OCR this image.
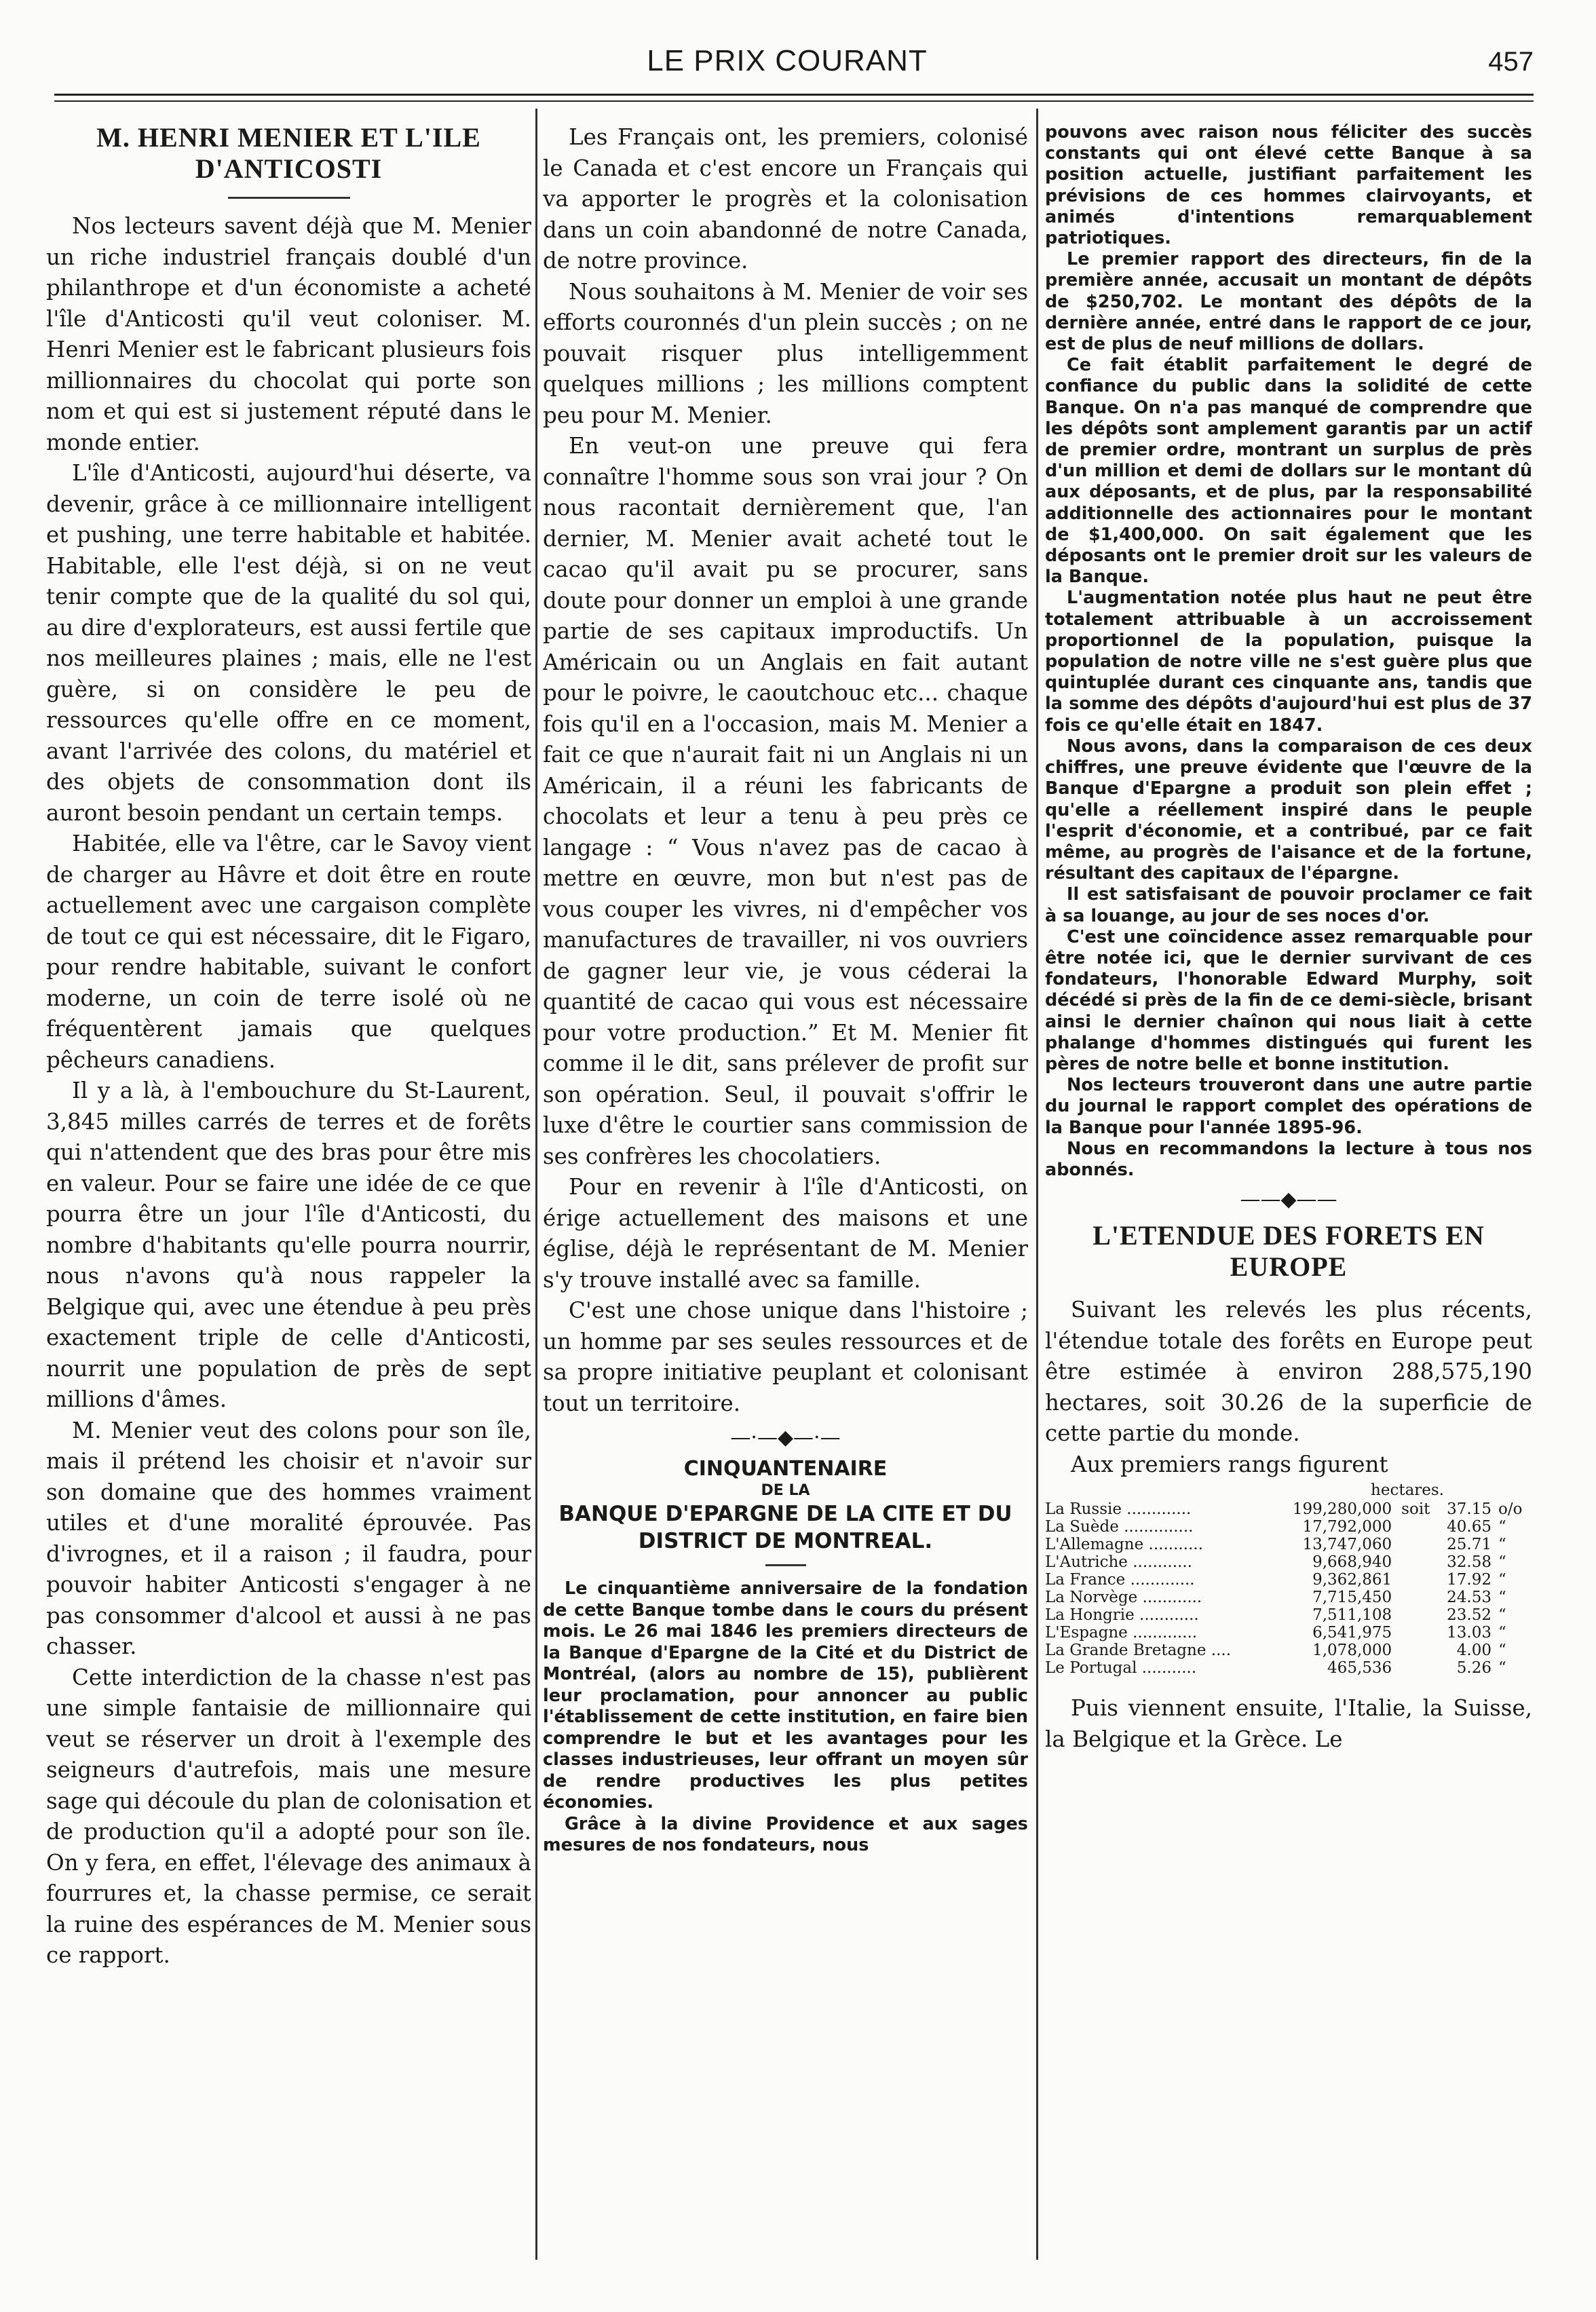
LE PRIX COURANT	457
M. HENRI MENIER ET L'ILE
D'ANTICOSTI

Nos lecteurs savent déjà que M. Menier un riche industriel français doublé d'un philanthrope et d'un économiste a acheté l'île d'Anticosti qu'il veut coloniser. M. Henri Menier est le fabricant plusieurs fois millionnaires du chocolat qui porte son nom et qui est si justement réputé dans le monde entier.

L'île d'Anticosti, aujourd'hui déserte, va devenir, grâce à ce millionnaire intelligent et pushing, une terre habitable et habitée. Habitable, elle l'est déjà, si on ne veut tenir compte que de la qualité du sol qui, au dire d'explorateurs, est aussi fertile que nos meilleures plaines ; mais, elle ne l'est guère, si on considère le peu de ressources qu'elle offre en ce moment, avant l'arrivée des colons, du matériel et des objets de consommation dont ils auront besoin pendant un certain temps.

Habitée, elle va l'être, car le Savoy vient de charger au Hâvre et doit être en route actuellement avec une cargaison complète de tout ce qui est nécessaire, dit le Figaro, pour rendre habitable, suivant le confort moderne, un coin de terre isolé où ne fréquentèrent jamais que quelques pêcheurs canadiens.

Il y a là, à l'embouchure du St-Laurent, 3,845 milles carrés de terres et de forêts qui n'attendent que des bras pour être mis en valeur. Pour se faire une idée de ce que pourra être un jour l'île d'Anticosti, du nombre d'habitants qu'elle pourra nourrir, nous n'avons qu'à nous rappeler la Belgique qui, avec une étendue à peu près exactement triple de celle d'Anticosti, nourrit une population de près de sept millions d'âmes.

M. Menier veut des colons pour son île, mais il prétend les choisir et n'avoir sur son domaine que des hommes vraiment utiles et d'une moralité éprouvée. Pas d'ivrognes, et il a raison ; il faudra, pour pouvoir habiter Anticosti s'engager à ne pas consommer d'alcool et aussi à ne pas chasser.

Cette interdiction de la chasse n'est pas une simple fantaisie de millionnaire qui veut se réserver un droit à l'exemple des seigneurs d'autrefois, mais une mesure sage qui découle du plan de colonisation et de production qu'il a adopté pour son île. On y fera, en effet, l'élevage des animaux à fourrures et, la chasse permise, ce serait la ruine des espérances de M. Menier sous ce rapport.

Les Français ont, les premiers, colonisé le Canada et c'est encore un Français qui va apporter le progrès et la colonisation dans un coin abandonné de notre Canada, de notre province.

Nous souhaitons à M. Menier de voir ses efforts couronnés d'un plein succès ; on ne pouvait risquer plus intelligemment quelques millions ; les millions comptent peu pour M. Menier.

En veut-on une preuve qui fera connaître l'homme sous son vrai jour ? On nous racontait dernièrement que, l'an dernier, M. Menier avait acheté tout le cacao qu'il avait pu se procurer, sans doute pour donner un emploi à une grande partie de ses capitaux improductifs. Un Américain ou un Anglais en fait autant pour le poivre, le caoutchouc etc... chaque fois qu'il en a l'occasion, mais M. Menier a fait ce que n'aurait fait ni un Anglais ni un Américain, il a réuni les fabricants de chocolats et leur a tenu à peu près ce langage : “ Vous n'avez pas de cacao à mettre en œuvre, mon but n'est pas de vous couper les vivres, ni d'empêcher vos manufactures de travailler, ni vos ouvriers de gagner leur vie, je vous céderai la quantité de cacao qui vous est nécessaire pour votre production.” Et M. Menier fit comme il le dit, sans prélever de profit sur son opération. Seul, il pouvait s'offrir le luxe d'être le courtier sans commission de ses confrères les chocolatiers.

Pour en revenir à l'île d'Anticosti, on érige actuellement des maisons et une église, déjà le représentant de M. Menier s'y trouve installé avec sa famille.

C'est une chose unique dans l'histoire ; un homme par ses seules ressources et de sa propre initiative peuplant et colonisant tout un territoire.

—·—◆—·—
CINQUANTENAIRE
DE LA
BANQUE D'EPARGNE DE LA CITE ET DU DISTRICT DE MONTREAL.

Le cinquantième anniversaire de la fondation de cette Banque tombe dans le cours du présent mois. Le 26 mai 1846 les premiers directeurs de la Banque d'Epargne de la Cité et du District de Montréal, (alors au nombre de 15), publièrent leur proclamation, pour annoncer au public l'établissement de cette institution, en faire bien comprendre le but et les avantages pour les classes industrieuses, leur offrant un moyen sûr de rendre productives les plus petites économies.

Grâce à la divine Providence et aux sages mesures de nos fondateurs, nous

pouvons avec raison nous féliciter des succès constants qui ont élevé cette Banque à sa position actuelle, justifiant parfaitement les prévisions de ces hommes clairvoyants, et animés d'intentions remarquablement patriotiques.

Le premier rapport des directeurs, fin de la première année, accusait un montant de dépôts de $250,702. Le montant des dépôts de la dernière année, entré dans le rapport de ce jour, est de plus de neuf millions de dollars.

Ce fait établit parfaitement le degré de confiance du public dans la solidité de cette Banque. On n'a pas manqué de comprendre que les dépôts sont amplement garantis par un actif de premier ordre, montrant un surplus de près d'un million et demi de dollars sur le montant dû aux déposants, et de plus, par la responsabilité additionnelle des actionnaires pour le montant de $1,400,000. On sait également que les déposants ont le premier droit sur les valeurs de la Banque.

L'augmentation notée plus haut ne peut être totalement attribuable à un accroissement proportionnel de la population, puisque la population de notre ville ne s'est guère plus que quintuplée durant ces cinquante ans, tandis que la somme des dépôts d'aujourd'hui est plus de 37 fois ce qu'elle était en 1847.

Nous avons, dans la comparaison de ces deux chiffres, une preuve évidente que l'œuvre de la Banque d'Epargne a produit son plein effet ; qu'elle a réellement inspiré dans le peuple l'esprit d'économie, et a contribué, par ce fait même, au progrès de l'aisance et de la fortune, résultant des capitaux de l'épargne.

Il est satisfaisant de pouvoir proclamer ce fait à sa louange, au jour de ses noces d'or.

C'est une coïncidence assez remarquable pour être notée ici, que le dernier survivant de ces fondateurs, l'honorable Edward Murphy, soit décédé si près de la fin de ce demi-siècle, brisant ainsi le dernier chaînon qui nous liait à cette phalange d'hommes distingués qui furent les pères de notre belle et bonne institution.

Nos lecteurs trouveront dans une autre partie du journal le rapport complet des opérations de la Banque pour l'année 1895-96.

Nous en recommandons la lecture à tous nos abonnés.

——◆——
L'ETENDUE DES FORETS EN
EUROPE

Suivant les relevés les plus récents, l'étendue totale des forêts en Europe peut être estimée à environ 288,575,190 hectares, soit 30.26 de la superficie de cette partie du monde.

Aux premiers rangs figurent

hectares.
La Russie .............	199,280,000	soit	37.15	o/o
La Suède ..............	17,792,000		40.65	“
L'Allemagne ...........	13,747,060		25.71	“
L'Autriche ............	9,668,940		32.58	“
La France .............	9,362,861		17.92	“
La Norvège ............	7,715,450		24.53	“
La Hongrie ............	7,511,108		23.52	“
L'Espagne .............	6,541,975		13.03	“
La Grande Bretagne ....	1,078,000		4.00	“
Le Portugal ...........	465,536		5.26	“

Puis viennent ensuite, l'Italie, la Suisse, la Belgique et la Grèce. Le
